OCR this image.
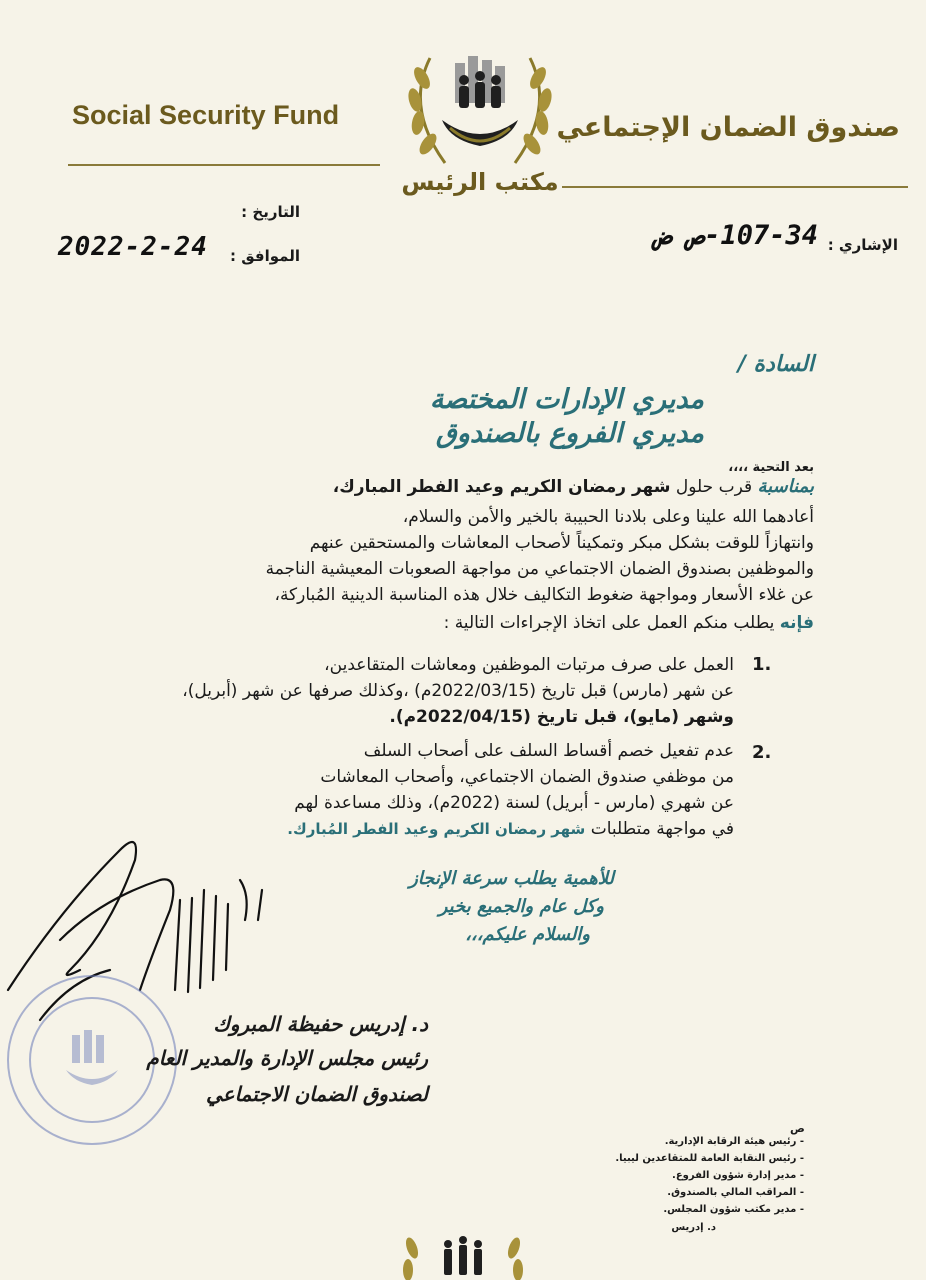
Social Security Fund	صندوق الضمان الإجتماعي
مكتب الرئيس
التاريخ :
الموافق :
2022-2-24	الإشاري :
107-34-ص ض
السادة /
مديري الإدارات المختصة
مديري الفروع بالصندوق
بعد التحية ،،،،
بمناسبة قرب حلول شهر رمضان الكريم وعيد الفطر المبارك،
أعادهما الله علينا وعلى بلادنا الحبيبة بالخير والأمن والسلام،
وانتهازاً للوقت بشكل مبكر وتمكيناً لأصحاب المعاشات والمستحقين عنهم
والموظفين بصندوق الضمان الاجتماعي من مواجهة الصعوبات المعيشية الناجمة
عن غلاء الأسعار ومواجهة ضغوط التكاليف خلال هذه المناسبة الدينية المُباركة،
فإنه يطلب منكم العمل على اتخاذ الإجراءات التالية :
1.
العمل على صرف مرتبات الموظفين ومعاشات المتقاعدين،
عن شهر (مارس) قبل تاريخ (2022/03/15م) ،وكذلك صرفها عن شهر (أبريل)،
وشهر (مايو)، قبل تاريخ (2022/04/15م).
2.
عدم تفعيل خصم أقساط السلف على أصحاب السلف
من موظفي صندوق الضمان الاجتماعي، وأصحاب المعاشات
عن شهري (مارس - أبريل) لسنة (2022م)، وذلك مساعدة لهم
في مواجهة متطلبات شهر رمضان الكريم وعيد الفطر المُبارك.
للأهمية يطلب سرعة الإنجاز
وكل عام والجميع بخير
والسلام عليكم،،،
د. إدريس حفيظة المبروك
رئيس مجلس الإدارة والمدير العام
لصندوق الضمان الاجتماعي
ص
- رئيس هيئة الرقابة الإدارية.
- رئيس النقابة العامة للمتقاعدين ليبيا.
- مدير إدارة شؤون الفروع.
- المراقب المالي بالصندوق.
- مدير مكتب شؤون المجلس.
د. إدريس
